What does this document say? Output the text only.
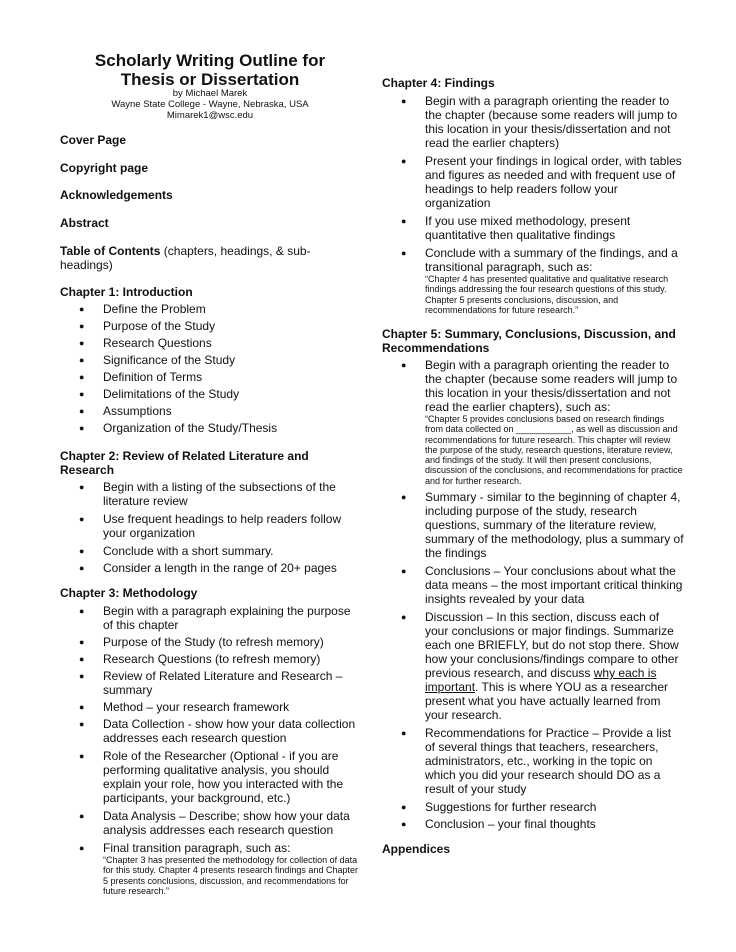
Scholarly Writing Outline for
Thesis or Dissertation
by Michael Marek
Wayne State College - Wayne, Nebraska, USA
Mimarek1@wsc.edu
Cover Page
Copyright page
Acknowledgements
Abstract
Table of Contents (chapters, headings, & sub-headings)
Chapter 1: Introduction
● Define the Problem
● Purpose of the Study
● Research Questions
● Significance of the Study
● Definition of Terms
● Delimitations of the Study
● Assumptions
● Organization of the Study/Thesis
Chapter 2: Review of Related Literature and Research
● Begin with a listing of the subsections of the literature review
● Use frequent headings to help readers follow your organization
● Conclude with a short summary.
● Consider a length in the range of 20+ pages
Chapter 3: Methodology
● Begin with a paragraph explaining the purpose of this chapter
● Purpose of the Study (to refresh memory)
● Research Questions (to refresh memory)
● Review of Related Literature and Research – summary
● Method – your research framework
● Data Collection - show how your data collection addresses each research question
● Role of the Researcher (Optional - if you are performing qualitative analysis, you should explain your role, how you interacted with the participants, your background, etc.)
● Data Analysis – Describe; show how your data analysis addresses each research question
● Final transition paragraph, such as:
“Chapter 3 has presented the methodology for collection of data for this study. Chapter 4 presents research findings and Chapter 5 presents conclusions, discussion, and recommendations for future research.”
Chapter 4: Findings
● Begin with a paragraph orienting the reader to the chapter (because some readers will jump to this location in your thesis/dissertation and not read the earlier chapters)
● Present your findings in logical order, with tables and figures as needed and with frequent use of headings to help readers follow your organization
● If you use mixed methodology, present quantitative then qualitative findings
● Conclude with a summary of the findings, and a transitional paragraph, such as:
“Chapter 4 has presented qualitative and qualitative research findings addressing the four research questions of this study. Chapter 5 presents conclusions, discussion, and recommendations for future research.”
Chapter 5: Summary, Conclusions, Discussion, and Recommendations
● Begin with a paragraph orienting the reader to the chapter (because some readers will jump to this location in your thesis/dissertation and not read the earlier chapters), such as:
“Chapter 5 provides conclusions based on research findings from data collected on ___________, as well as discussion and recommendations for future research. This chapter will review the purpose of the study, research questions, literature review, and findings of the study. It will then present conclusions, discussion of the conclusions, and recommendations for practice and for further research.
● Summary - similar to the beginning of chapter 4, including purpose of the study, research questions, summary of the literature review, summary of the methodology, plus a summary of the findings
● Conclusions – Your conclusions about what the data means – the most important critical thinking insights revealed by your data
● Discussion – In this section, discuss each of your conclusions or major findings. Summarize each one BRIEFLY, but do not stop there. Show how your conclusions/findings compare to other previous research, and discuss why each is important. This is where YOU as a researcher present what you have actually learned from your research.
● Recommendations for Practice – Provide a list of several things that teachers, researchers, administrators, etc., working in the topic on which you did your research should DO as a result of your study
● Suggestions for further research
● Conclusion – your final thoughts
Appendices
